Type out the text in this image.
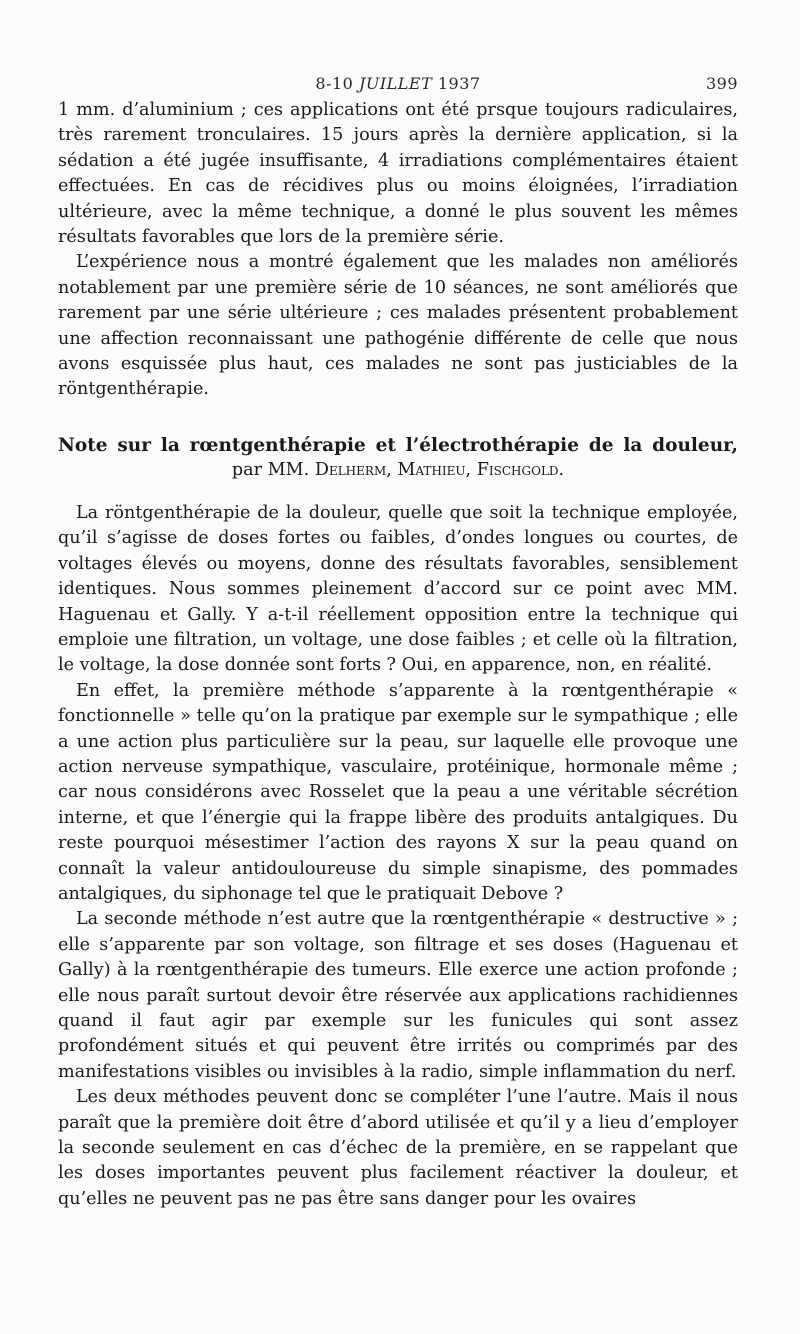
8-10 JUILLET 1937	399

1 mm. d’aluminium ; ces applications ont été prsque toujours radiculaires, très rarement tronculaires. 15 jours après la dernière application, si la sédation a été jugée insuffisante, 4 irradiations complémentaires étaient effectuées. En cas de récidives plus ou moins éloignées, l’irradiation ultérieure, avec la même technique, a donné le plus souvent les mêmes résultats favorables que lors de la première série.

L’expérience nous a montré également que les malades non améliorés notablement par une première série de 10 séances, ne sont améliorés que rarement par une série ultérieure ; ces malades présentent probablement une affection reconnaissant une pathogénie différente de celle que nous avons esquissée plus haut, ces malades ne sont pas justiciables de la röntgenthérapie.

Note sur la rœntgenthérapie et l’électrothérapie de la douleur,
par MM. Delherm, Mathieu, Fischgold.

La röntgenthérapie de la douleur, quelle que soit la technique employée, qu’il s’agisse de doses fortes ou faibles, d’ondes longues ou courtes, de voltages élevés ou moyens, donne des résultats favorables, sensiblement identiques. Nous sommes pleinement d’accord sur ce point avec MM. Haguenau et Gally. Y a-t-il réellement opposition entre la technique qui emploie une filtration, un voltage, une dose faibles ; et celle où la filtration, le voltage, la dose donnée sont forts ? Oui, en apparence, non, en réalité.

En effet, la première méthode s’apparente à la rœntgenthérapie « fonctionnelle » telle qu’on la pratique par exemple sur le sympathique ; elle a une action plus particulière sur la peau, sur laquelle elle provoque une action nerveuse sympathique, vasculaire, protéinique, hormonale même ; car nous considérons avec Rosselet que la peau a une véritable sécrétion interne, et que l’énergie qui la frappe libère des produits antalgiques. Du reste pourquoi mésestimer l’action des rayons X sur la peau quand on connaît la valeur antidouloureuse du simple sinapisme, des pommades antalgiques, du siphonage tel que le pratiquait Debove ?

La seconde méthode n’est autre que la rœntgenthérapie « destructive » ; elle s’apparente par son voltage, son filtrage et ses doses (Haguenau et Gally) à la rœntgenthérapie des tumeurs. Elle exerce une action profonde ; elle nous paraît surtout devoir être réservée aux applications rachidiennes quand il faut agir par exemple sur les funicules qui sont assez profondément situés et qui peuvent être irrités ou comprimés par des manifestations visibles ou invisibles à la radio, simple inflammation du nerf.

Les deux méthodes peuvent donc se compléter l’une l’autre. Mais il nous paraît que la première doit être d’abord utilisée et qu’il y a lieu d’employer la seconde seulement en cas d’échec de la première, en se rappelant que les doses importantes peuvent plus facilement réactiver la douleur, et qu’elles ne peuvent pas ne pas être sans danger pour les ovaires
